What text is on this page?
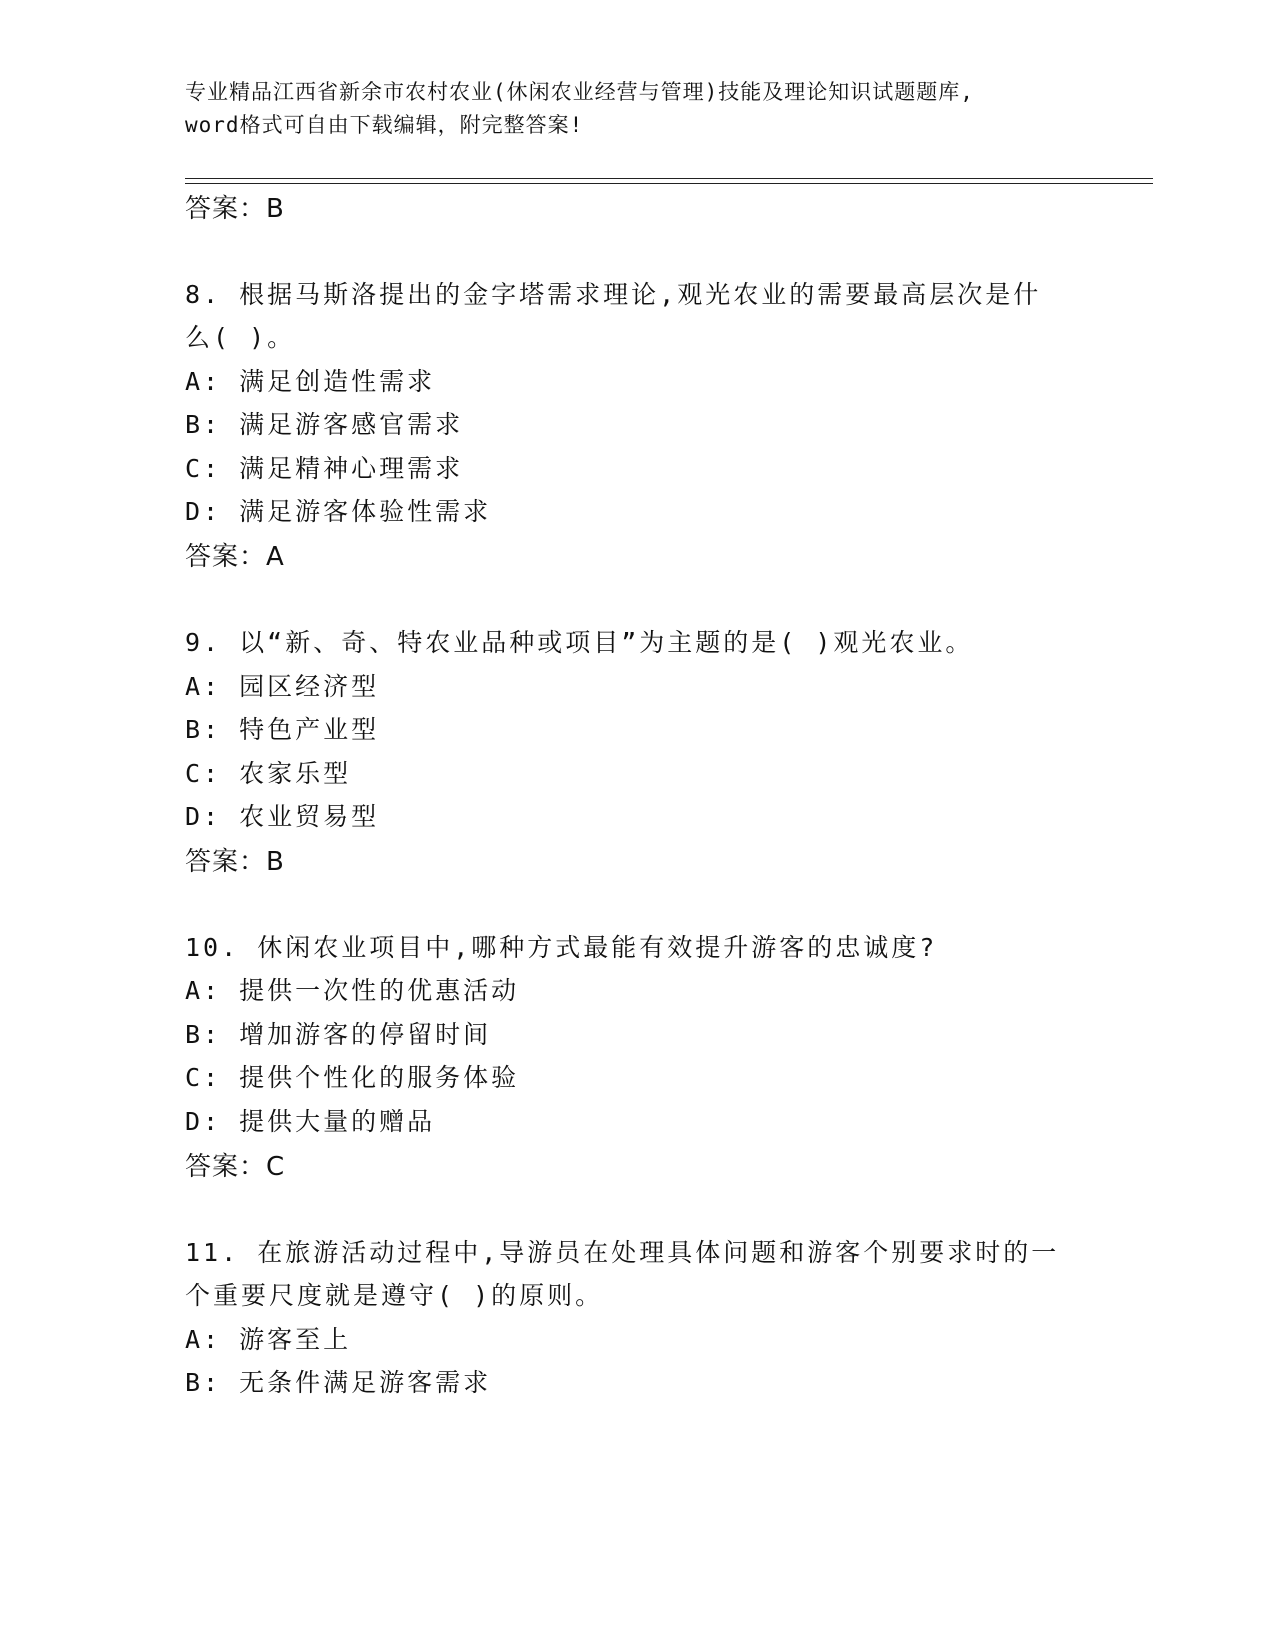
专业精品江西省新余市农村农业(休闲农业经营与管理)技能及理论知识试题题库,
word格式可自由下载编辑，附完整答案!
答案：B
8. 根据马斯洛提出的金字塔需求理论,观光农业的需要最高层次是什
么( )。
A: 满足创造性需求
B: 满足游客感官需求
C: 满足精神心理需求
D: 满足游客体验性需求
答案：A
9. 以“新、奇、特农业品种或项目”为主题的是( )观光农业。
A: 园区经济型
B: 特色产业型
C: 农家乐型
D: 农业贸易型
答案：B
10. 休闲农业项目中,哪种方式最能有效提升游客的忠诚度?
A: 提供一次性的优惠活动
B: 增加游客的停留时间
C: 提供个性化的服务体验
D: 提供大量的赠品
答案：C
11. 在旅游活动过程中,导游员在处理具体问题和游客个别要求时的一
个重要尺度就是遵守( )的原则。
A: 游客至上
B: 无条件满足游客需求
